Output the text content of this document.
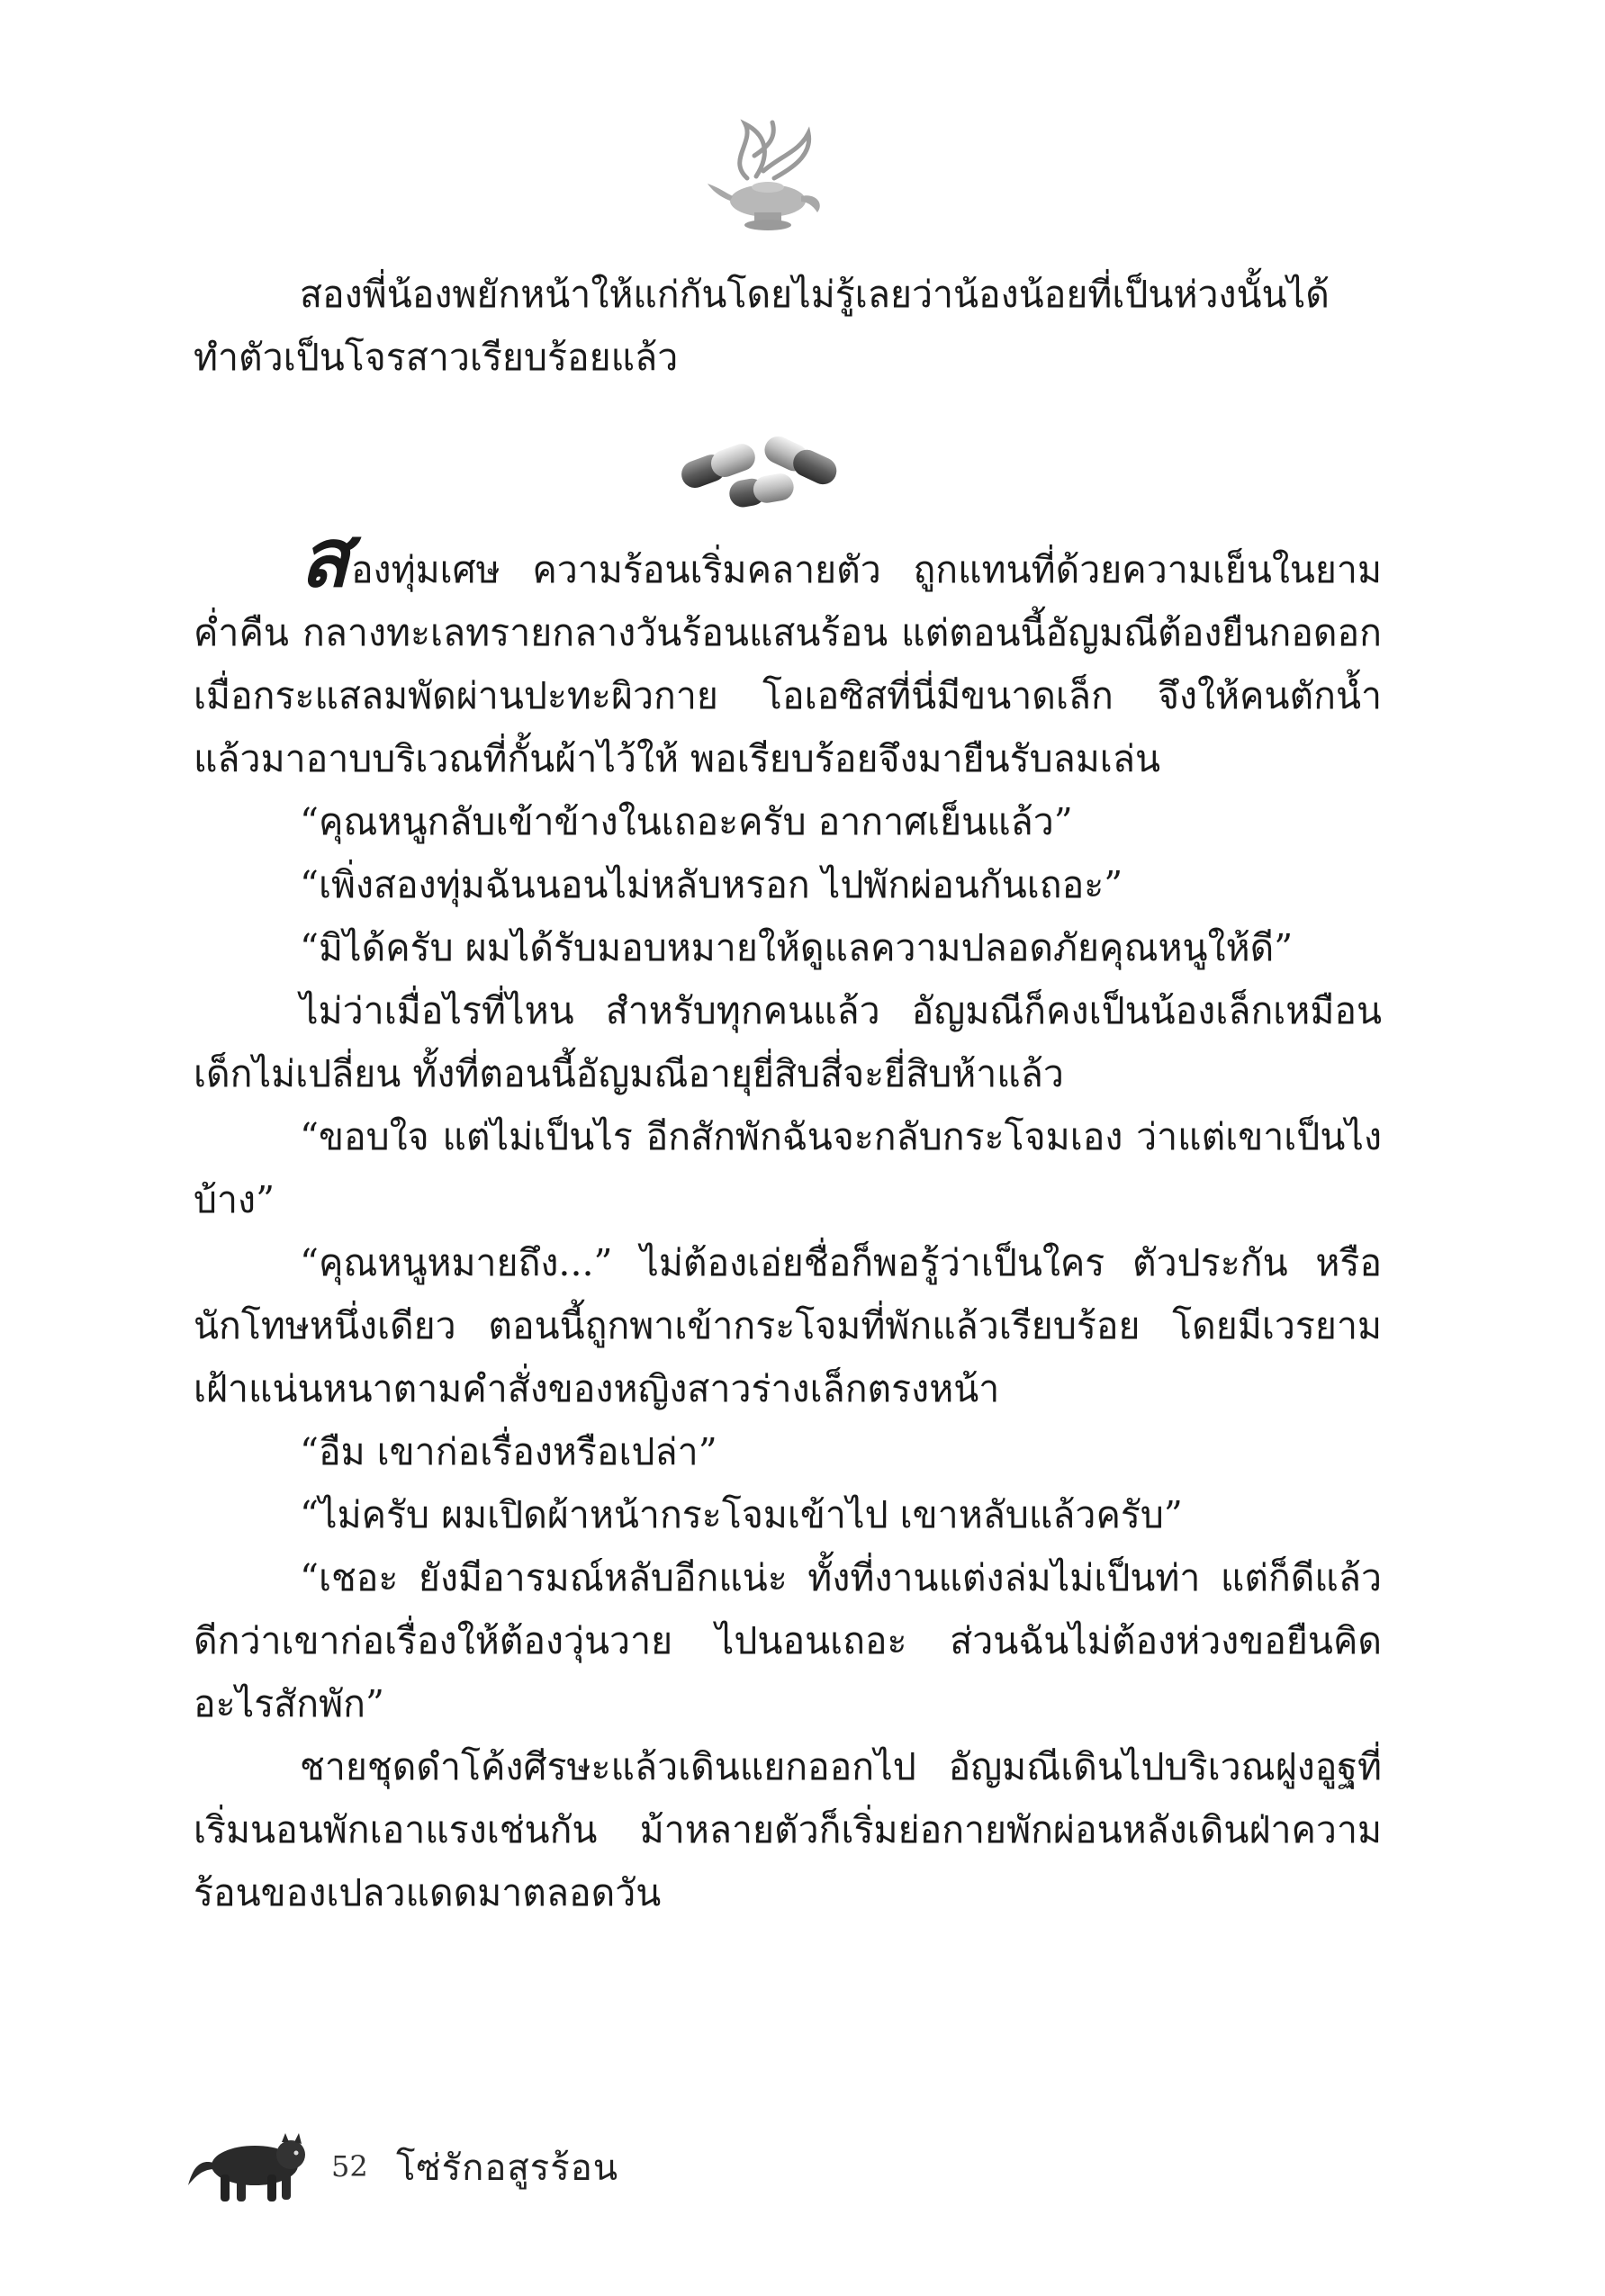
สองพี่น้องพยักหน้าให้แก่กันโดยไม่รู้เลยว่าน้องน้อยที่เป็นห่วงนั้นได้ทำตัวเป็นโจรสาวเรียบร้อยแล้ว

สองทุ่มเศษ ความร้อนเริ่มคลายตัว ถูกแทนที่ด้วยความเย็นในยามค่ำคืน กลางทะเลทรายกลางวันร้อนแสนร้อน แต่ตอนนี้อัญมณีต้องยืนกอดอกเมื่อกระแสลมพัดผ่านปะทะผิวกาย โอเอซิสที่นี่มีขนาดเล็ก จึงให้คนตักน้ำแล้วมาอาบบริเวณที่กั้นผ้าไว้ให้ พอเรียบร้อยจึงมายืนรับลมเล่น

“คุณหนูกลับเข้าข้างในเถอะครับ อากาศเย็นแล้ว”

“เพิ่งสองทุ่มฉันนอนไม่หลับหรอก ไปพักผ่อนกันเถอะ”

“มิได้ครับ ผมได้รับมอบหมายให้ดูแลความปลอดภัยคุณหนูให้ดี”

ไม่ว่าเมื่อไรที่ไหน สำหรับทุกคนแล้ว อัญมณีก็คงเป็นน้องเล็กเหมือนเด็กไม่เปลี่ยน ทั้งที่ตอนนี้อัญมณีอายุยี่สิบสี่จะยี่สิบห้าแล้ว

“ขอบใจ แต่ไม่เป็นไร อีกสักพักฉันจะกลับกระโจมเอง ว่าแต่เขาเป็นไงบ้าง”

“คุณหนูหมายถึง...” ไม่ต้องเอ่ยชื่อก็พอรู้ว่าเป็นใคร ตัวประกัน หรือนักโทษหนึ่งเดียว ตอนนี้ถูกพาเข้ากระโจมที่พักแล้วเรียบร้อย โดยมีเวรยามเฝ้าแน่นหนาตามคำสั่งของหญิงสาวร่างเล็กตรงหน้า

“อืม เขาก่อเรื่องหรือเปล่า”

“ไม่ครับ ผมเปิดผ้าหน้ากระโจมเข้าไป เขาหลับแล้วครับ”

“เชอะ ยังมีอารมณ์หลับอีกแน่ะ ทั้งที่งานแต่งล่มไม่เป็นท่า แต่ก็ดีแล้ว ดีกว่าเขาก่อเรื่องให้ต้องวุ่นวาย ไปนอนเถอะ ส่วนฉันไม่ต้องห่วงขอยืนคิดอะไรสักพัก”

ชายชุดดำโค้งศีรษะแล้วเดินแยกออกไป อัญมณีเดินไปบริเวณฝูงอูฐที่เริ่มนอนพักเอาแรงเช่นกัน ม้าหลายตัวก็เริ่มย่อกายพักผ่อนหลังเดินฝ่าความร้อนของเปลวแดดมาตลอดวัน

52 โซ่รักอสูรร้อน
